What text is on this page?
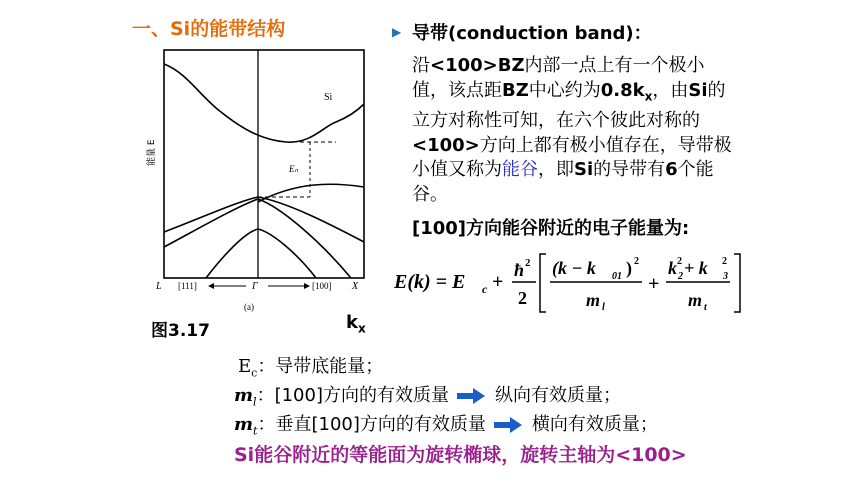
一、Si的能带结构
Si
能量 E
Eₙ
L [111]	Γ	[100] X
(a)
图3.17	$k_x$
▶ 导带(conduction band)：
沿<100>BZ内部一点上有一个极小值，该点距BZ中心约为$0.8k_x$，由Si的立方对称性可知，在六个彼此对称的<100>方向上都有极小值存在，导带极小值又称为能谷，即Si的导带有6个能谷。
[100]方向能谷附近的电子能量为:
E(k) = E c +
ħ 2
2
(k − k 01 ) 2
m l
+
k 2
2 + k 2
3
m t
$E_c$：导带底能量；
$m_l$：[100]方向的有效质量	纵向有效质量；
$m_t$：垂直[100]方向的有效质量	横向有效质量；
Si能谷附近的等能面为旋转椭球，旋转主轴为<100>
